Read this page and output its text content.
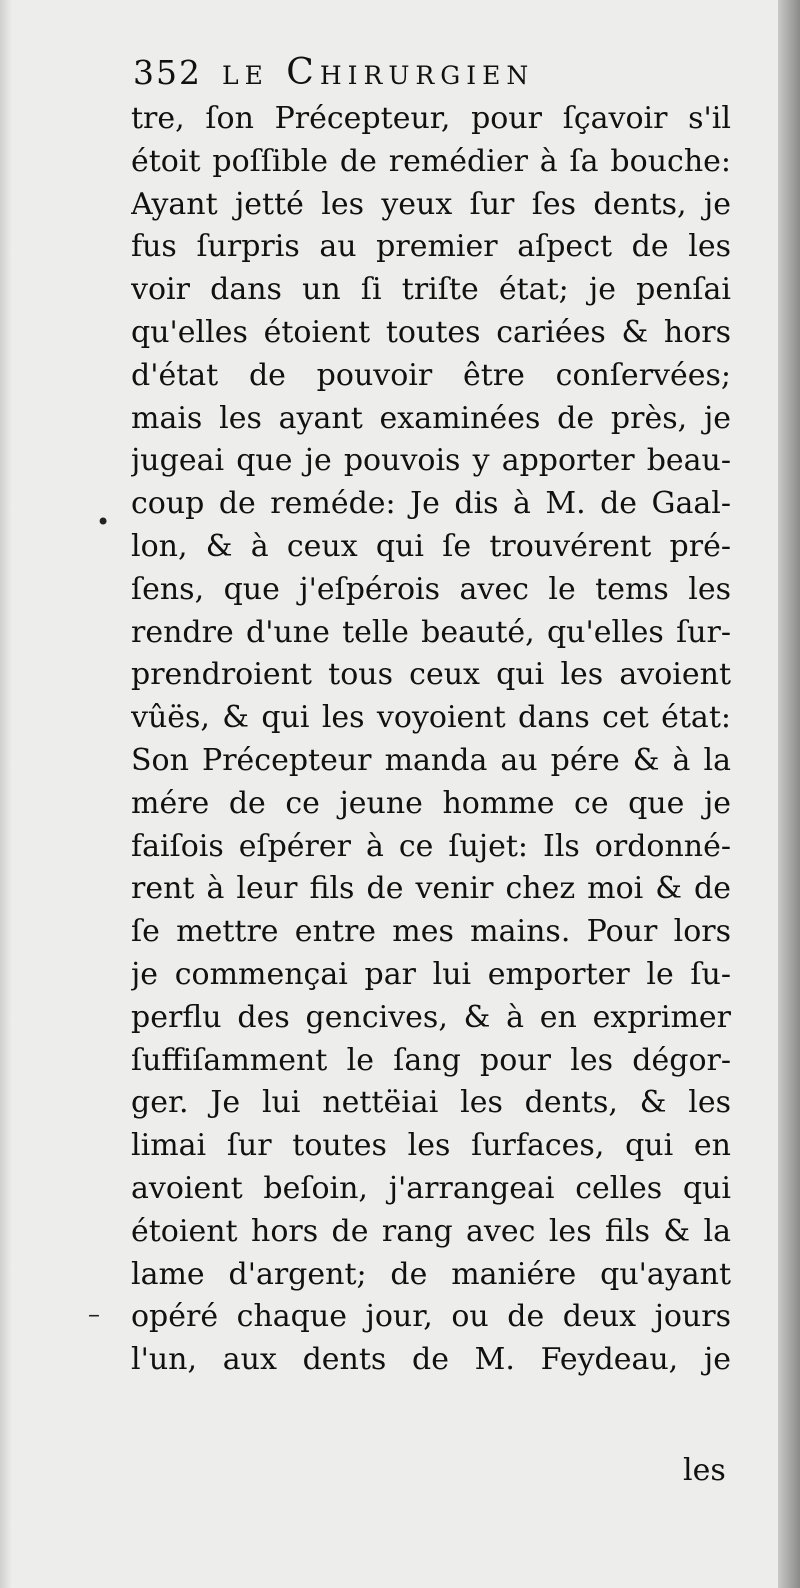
352 le Chirurgien
tre, ſon Précepteur, pour ſçavoir s'il
étoit poſſible de remédier à ſa bouche:
Ayant jetté les yeux ſur ſes dents, je
fus ſurpris au premier aſpect de les
voir dans un ſi triſte état; je penſai
qu'elles étoient toutes cariées & hors
d'état de pouvoir être conſervées;
mais les ayant examinées de près, je
jugeai que je pouvois y apporter beau-
coup de reméde: Je dis à M. de Gaal-
lon, & à ceux qui ſe trouvérent pré-
ſens, que j'eſpérois avec le tems les
rendre d'une telle beauté, qu'elles ſur-
prendroient tous ceux qui les avoient
vûës, & qui les voyoient dans cet état:
Son Précepteur manda au pére & à la
mére de ce jeune homme ce que je
faiſois eſpérer à ce ſujet: Ils ordonné-
rent à leur fils de venir chez moi & de
ſe mettre entre mes mains. Pour lors
je commençai par lui emporter le ſu-
perflu des gencives, & à en exprimer
ſuffiſamment le ſang pour les dégor-
ger. Je lui nettëiai les dents, & les
limai ſur toutes les ſurfaces, qui en
avoient beſoin, j'arrangeai celles qui
étoient hors de rang avec les fils & la
lame d'argent; de maniére qu'ayant
opéré chaque jour, ou de deux jours
l'un, aux dents de M. Feydeau, je
les
•
–
